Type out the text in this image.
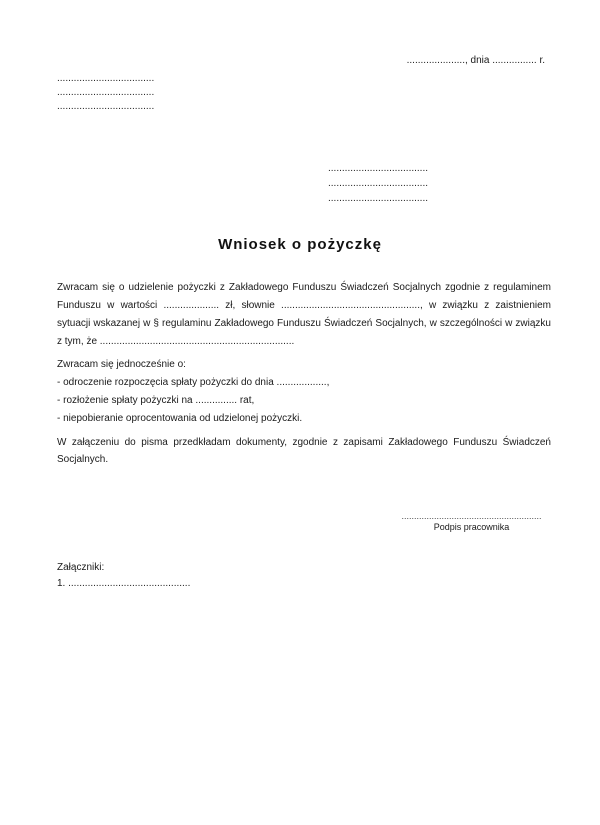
....................., dnia ................ r.
...................................
...................................
...................................
....................................
....................................
....................................
Wniosek o pożyczkę

Zwracam się o udzielenie pożyczki z Zakładowego Funduszu Świadczeń Socjalnych zgodnie z regulaminem Funduszu w wartości .................... zł, słownie .................................................., w związku z zaistnieniem sytuacji wskazanej w § regulaminu Zakładowego Funduszu Świadczeń Socjalnych, w szczególności w związku z tym, że ......................................................................

Zwracam się jednocześnie o:
- odroczenie rozpoczęcia spłaty pożyczki do dnia ..................,
- rozłożenie spłaty pożyczki na ............... rat,
- niepobieranie oprocentowania od udzielonej pożyczki.

W załączeniu do pisma przedkładam dokumenty, zgodnie z zapisami Zakładowego Funduszu Świadczeń Socjalnych.

........................................................
Podpis pracownika
Załączniki:
1. ............................................
